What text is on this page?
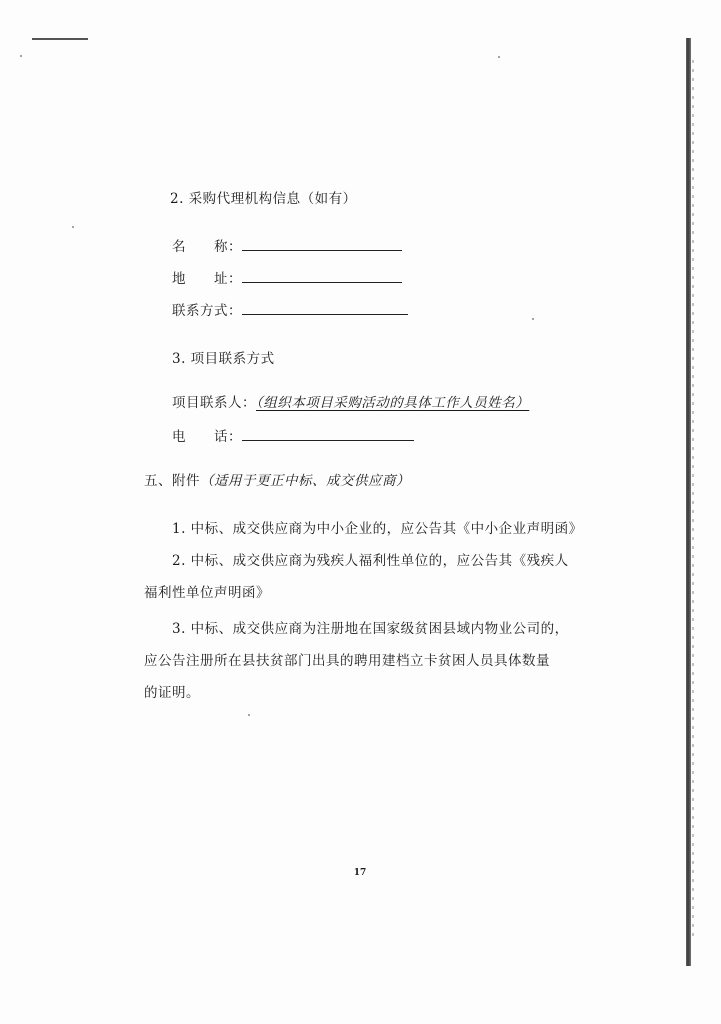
2. 采购代理机构信息（如有）
名　　称：
地　　址：
联系方式：
3. 项目联系方式
项目联系人：（组织本项目采购活动的具体工作人员姓名）
电　　话：
五、附件（适用于更正中标、成交供应商）
1. 中标、成交供应商为中小企业的，应公告其《中小企业声明函》
2. 中标、成交供应商为残疾人福利性单位的，应公告其《残疾人
福利性单位声明函》
3. 中标、成交供应商为注册地在国家级贫困县域内物业公司的，
应公告注册所在县扶贫部门出具的聘用建档立卡贫困人员具体数量
的证明。
17
